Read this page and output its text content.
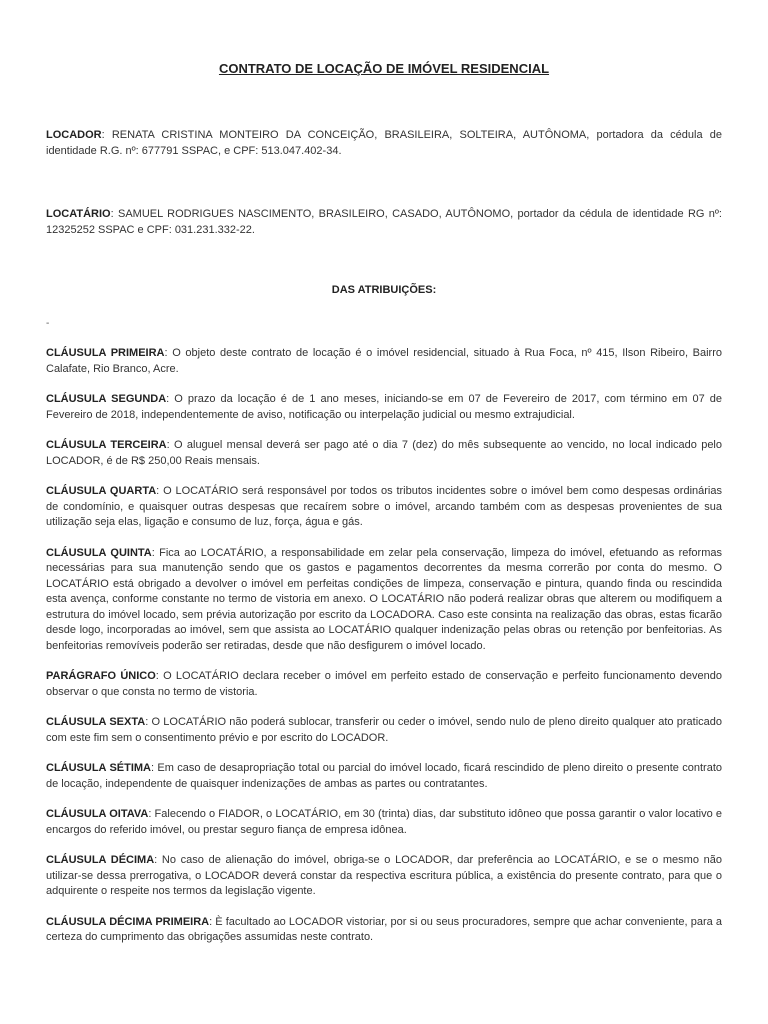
CONTRATO DE LOCAÇÃO DE IMÓVEL RESIDENCIAL
LOCADOR: RENATA CRISTINA MONTEIRO DA CONCEIÇÃO, BRASILEIRA, SOLTEIRA, AUTÔNOMA, portadora da cédula de identidade R.G. nº: 677791 SSPAC, e CPF: 513.047.402-34.
LOCATÁRIO: SAMUEL RODRIGUES NASCIMENTO, BRASILEIRO, CASADO, AUTÔNOMO, portador da cédula de identidade RG nº: 12325252 SSPAC e CPF: 031.231.332-22.
DAS ATRIBUIÇÕES:
-

CLÁUSULA PRIMEIRA: O objeto deste contrato de locação é o imóvel residencial, situado à Rua Foca, nº 415, Ilson Ribeiro, Bairro Calafate, Rio Branco, Acre.

CLÁUSULA SEGUNDA: O prazo da locação é de 1 ano meses, iniciando-se em 07 de Fevereiro de 2017, com término em 07 de Fevereiro de 2018, independentemente de aviso, notificação ou interpelação judicial ou mesmo extrajudicial.

CLÁUSULA TERCEIRA: O aluguel mensal deverá ser pago até o dia 7 (dez) do mês subsequente ao vencido, no local indicado pelo LOCADOR, é de R$ 250,00 Reais mensais.

CLÁUSULA QUARTA: O LOCATÁRIO será responsável por todos os tributos incidentes sobre o imóvel bem como despesas ordinárias de condomínio, e quaisquer outras despesas que recaírem sobre o imóvel, arcando também com as despesas provenientes de sua utilização seja elas, ligação e consumo de luz, força, água e gás.

CLÁUSULA QUINTA: Fica ao LOCATÁRIO, a responsabilidade em zelar pela conservação, limpeza do imóvel, efetuando as reformas necessárias para sua manutenção sendo que os gastos e pagamentos decorrentes da mesma correrão por conta do mesmo. O LOCATÁRIO está obrigado a devolver o imóvel em perfeitas condições de limpeza, conservação e pintura, quando finda ou rescindida esta avença, conforme constante no termo de vistoria em anexo. O LOCATÁRIO não poderá realizar obras que alterem ou modifiquem a estrutura do imóvel locado, sem prévia autorização por escrito da LOCADORA. Caso este consinta na realização das obras, estas ficarão desde logo, incorporadas ao imóvel, sem que assista ao LOCATÁRIO qualquer indenização pelas obras ou retenção por benfeitorias. As benfeitorias removíveis poderão ser retiradas, desde que não desfigurem o imóvel locado.

PARÁGRAFO ÚNICO: O LOCATÁRIO declara receber o imóvel em perfeito estado de conservação e perfeito funcionamento devendo observar o que consta no termo de vistoria.

CLÁUSULA SEXTA: O LOCATÁRIO não poderá sublocar, transferir ou ceder o imóvel, sendo nulo de pleno direito qualquer ato praticado com este fim sem o consentimento prévio e por escrito do LOCADOR.

CLÁUSULA SÉTIMA: Em caso de desapropriação total ou parcial do imóvel locado, ficará rescindido de pleno direito o presente contrato de locação, independente de quaisquer indenizações de ambas as partes ou contratantes.

CLÁUSULA OITAVA: Falecendo o FIADOR, o LOCATÁRIO, em 30 (trinta) dias, dar substituto idôneo que possa garantir o valor locativo e encargos do referido imóvel, ou prestar seguro fiança de empresa idônea.

CLÁUSULA DÉCIMA: No caso de alienação do imóvel, obriga-se o LOCADOR, dar preferência ao LOCATÁRIO, e se o mesmo não utilizar-se dessa prerrogativa, o LOCADOR deverá constar da respectiva escritura pública, a existência do presente contrato, para que o adquirente o respeite nos termos da legislação vigente.

CLÁUSULA DÉCIMA PRIMEIRA: È facultado ao LOCADOR vistoriar, por si ou seus procuradores, sempre que achar conveniente, para a certeza do cumprimento das obrigações assumidas neste contrato.
